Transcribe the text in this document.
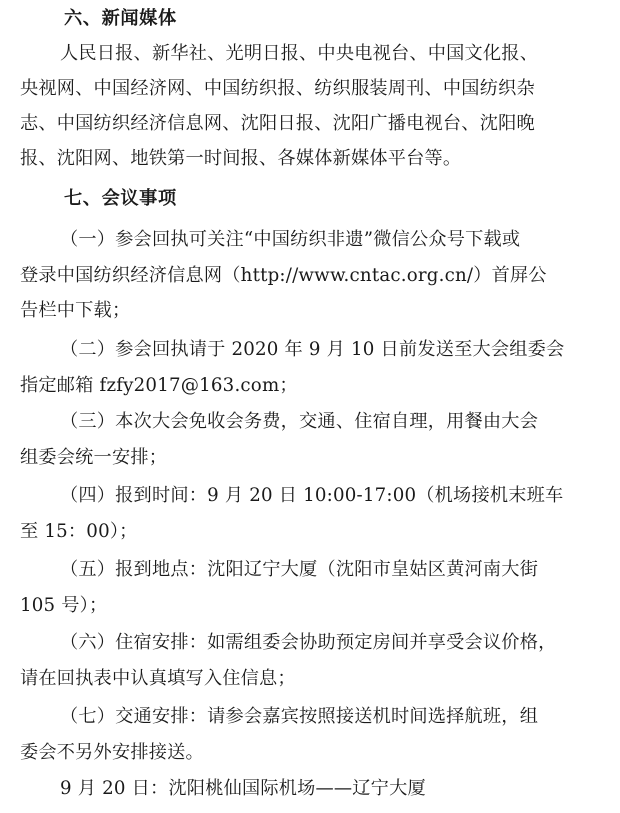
六、新闻媒体
人民日报、新华社、光明日报、中央电视台、中国文化报、
央视网、中国经济网、中国纺织报、纺织服装周刊、中国纺织杂
志、中国纺织经济信息网、沈阳日报、沈阳广播电视台、沈阳晚
报、沈阳网、地铁第一时间报、各媒体新媒体平台等。
七、会议事项
（一）参会回执可关注“中国纺织非遗”微信公众号下载或
登录中国纺织经济信息网（http://www.cntac.org.cn/）首屏公
告栏中下载；
（二）参会回执请于 2020 年 9 月 10 日前发送至大会组委会
指定邮箱 fzfy2017@163.com；
（三）本次大会免收会务费，交通、住宿自理，用餐由大会
组委会统一安排；
（四）报到时间：9 月 20 日 10:00-17:00（机场接机末班车
至 15：00）；
（五）报到地点：沈阳辽宁大厦（沈阳市皇姑区黄河南大街
105 号）；
（六）住宿安排：如需组委会协助预定房间并享受会议价格，
请在回执表中认真填写入住信息；
（七）交通安排：请参会嘉宾按照接送机时间选择航班，组
委会不另外安排接送。
9 月 20 日：沈阳桃仙国际机场——辽宁大厦
